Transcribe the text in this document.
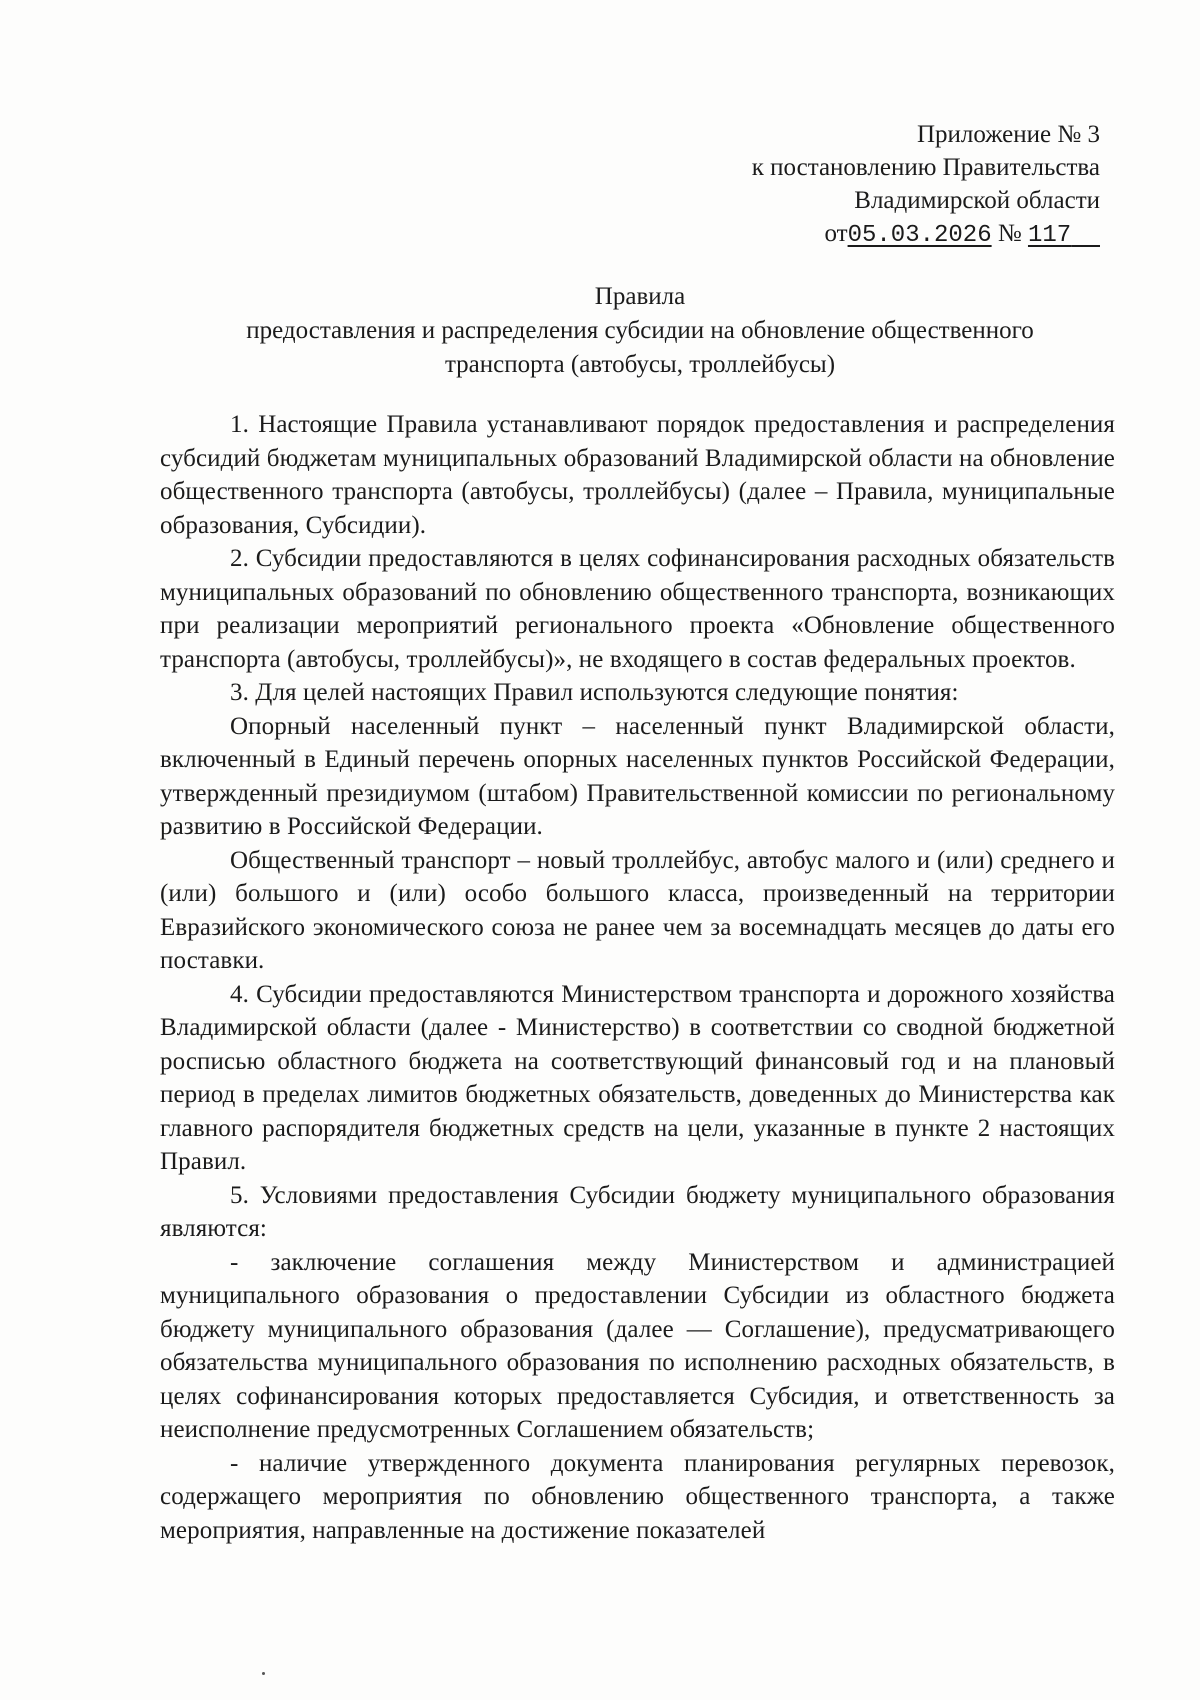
Приложение № 3
к постановлению Правительства
Владимирской области
от05.03.2026 № 117
Правила
предоставления и распределения субсидии на обновление общественного
транспорта (автобусы, троллейбусы)

1. Настоящие Правила устанавливают порядок предоставления и распределения субсидий бюджетам муниципальных образований Владимирской области на обновление общественного транспорта (автобусы, троллейбусы) (далее – Правила, муниципальные образования, Субсидии).

2. Субсидии предоставляются в целях софинансирования расходных обязательств муниципальных образований по обновлению общественного транспорта, возникающих при реализации мероприятий регионального проекта «Обновление общественного транспорта (автобусы, троллейбусы)», не входящего в состав федеральных проектов.

3. Для целей настоящих Правил используются следующие понятия:

Опорный населенный пункт – населенный пункт Владимирской области, включенный в Единый перечень опорных населенных пунктов Российской Федерации, утвержденный президиумом (штабом) Правительственной комиссии по региональному развитию в Российской Федерации.

Общественный транспорт – новый троллейбус, автобус малого и (или) среднего и (или) большого и (или) особо большого класса, произведенный на территории Евразийского экономического союза не ранее чем за восемнадцать месяцев до даты его поставки.

4. Субсидии предоставляются Министерством транспорта и дорожного хозяйства Владимирской области (далее - Министерство) в соответствии со сводной бюджетной росписью областного бюджета на соответствующий финансовый год и на плановый период в пределах лимитов бюджетных обязательств, доведенных до Министерства как главного распорядителя бюджетных средств на цели, указанные в пункте 2 настоящих Правил.

5. Условиями предоставления Субсидии бюджету муниципального образования являются:

- заключение соглашения между Министерством и администрацией муниципального образования о предоставлении Субсидии из областного бюджета бюджету муниципального образования (далее — Соглашение), предусматривающего обязательства муниципального образования по исполнению расходных обязательств, в целях софинансирования которых предоставляется Субсидия, и ответственность за неисполнение предусмотренных Соглашением обязательств;

- наличие утвержденного документа планирования регулярных перевозок, содержащего мероприятия по обновлению общественного транспорта, а также мероприятия, направленные на достижение показателей
